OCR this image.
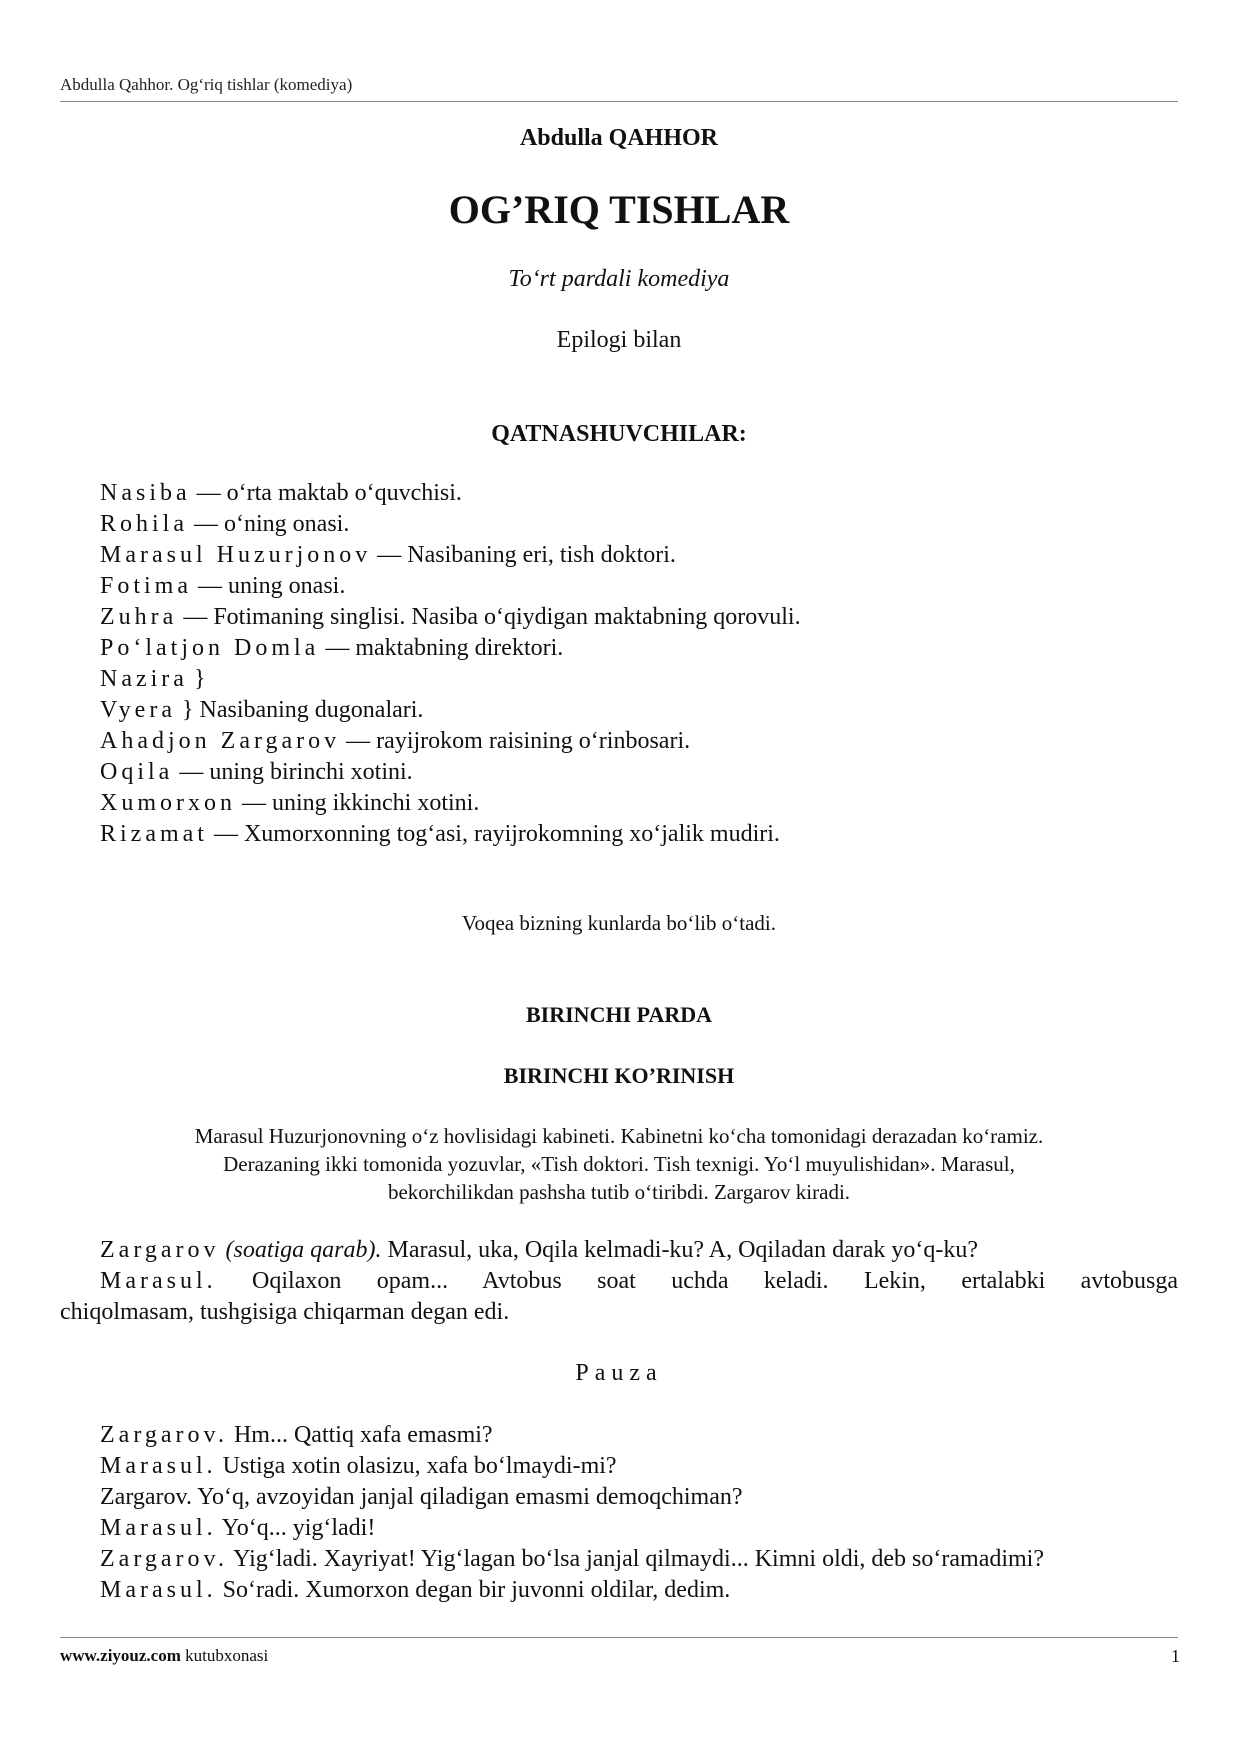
Abdulla Qahhor. Og‘riq tishlar (komediya)
Abdulla QAHHOR
OG’RIQ TISHLAR
To‘rt pardali komediya
Epilogi bilan
QATNASHUVCHILAR:
Nasiba — o‘rta maktab o‘quvchisi.
Rohila — o‘ning onasi.
Marasul Huzurjonov — Nasibaning eri, tish doktori.
Fotima — uning onasi.
Zuhra — Fotimaning singlisi. Nasiba o‘qiydigan maktabning qorovuli.
Po‘latjon Domla — maktabning direktori.
Nazira }
Vyera } Nasibaning dugonalari.
Ahadjon Zargarov — rayijrokom raisining o‘rinbosari.
Oqila — uning birinchi xotini.
Xumorxon — uning ikkinchi xotini.
Rizamat — Xumorxonning tog‘asi, rayijrokomning xo‘jalik mudiri.
Voqea bizning kunlarda bo‘lib o‘tadi.
BIRINCHI PARDA
BIRINCHI KO’RINISH
Marasul Huzurjonovning o‘z hovlisidagi kabineti. Kabinetni ko‘cha tomonidagi derazadan ko‘ramiz.
Derazaning ikki tomonida yozuvlar, «Tish doktori. Tish texnigi. Yo‘l muyulishidan». Marasul,
bekorchilikdan pashsha tutib o‘tiribdi. Zargarov kiradi.
Zargarov (soatiga qarab). Marasul, uka, Oqila kelmadi-ku? A, Oqiladan darak yo‘q-ku?
Marasul. Oqilaxon opam... Avtobus soat uchda keladi. Lekin, ertalabki avtobusga
chiqolmasam, tushgisiga chiqarman degan edi.
Pauza
Zargarov. Hm... Qattiq xafa emasmi?
Marasul. Ustiga xotin olasizu, xafa bo‘lmaydi-mi?
Zargarov. Yo‘q, avzoyidan janjal qiladigan emasmi demoqchiman?
Marasul. Yo‘q... yig‘ladi!
Zargarov. Yig‘ladi. Xayriyat! Yig‘lagan bo‘lsa janjal qilmaydi... Kimni oldi, deb so‘ramadimi?
Marasul. So‘radi. Xumorxon degan bir juvonni oldilar, dedim.
www.ziyouz.com kutubxonasi	1
